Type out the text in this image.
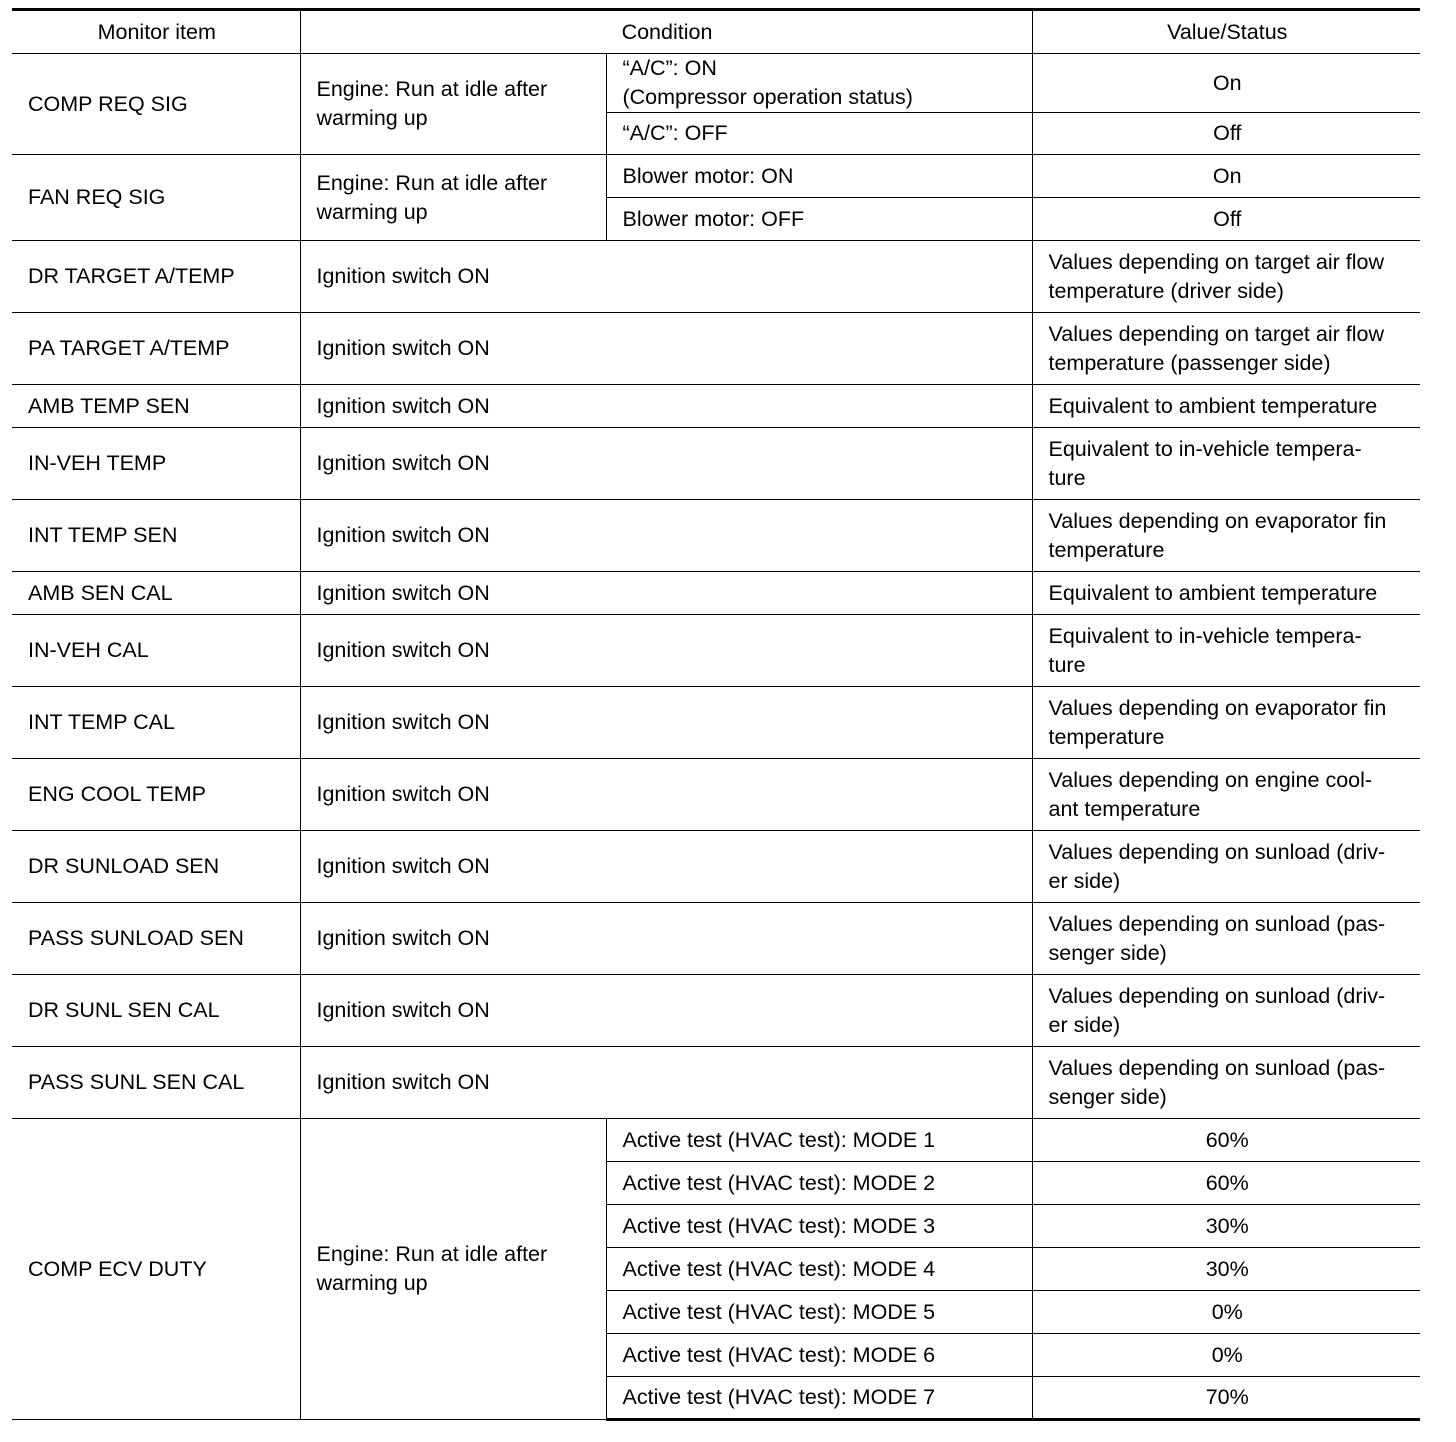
Monitor item	Condition		Value/Status
COMP REQ SIG	Engine: Run at idle after warming up	“A/C”: ON
(Compressor operation status)	On
		“A/C”: OFF	Off
FAN REQ SIG	Engine: Run at idle after warming up	Blower motor: ON	On
		Blower motor: OFF	Off
DR TARGET A/TEMP	Ignition switch ON		Values depending on target air flow temperature (driver side)
PA TARGET A/TEMP	Ignition switch ON		Values depending on target air flow temperature (passenger side)
AMB TEMP SEN	Ignition switch ON		Equivalent to ambient temperature
IN-VEH TEMP	Ignition switch ON		Equivalent to in-vehicle tempera-
ture
INT TEMP SEN	Ignition switch ON		Values depending on evaporator fin temperature
AMB SEN CAL	Ignition switch ON		Equivalent to ambient temperature
IN-VEH CAL	Ignition switch ON		Equivalent to in-vehicle tempera-
ture
INT TEMP CAL	Ignition switch ON		Values depending on evaporator fin temperature
ENG COOL TEMP	Ignition switch ON		Values depending on engine cool-
ant temperature
DR SUNLOAD SEN	Ignition switch ON		Values depending on sunload (driv-
er side)
PASS SUNLOAD SEN	Ignition switch ON		Values depending on sunload (pas-
senger side)
DR SUNL SEN CAL	Ignition switch ON		Values depending on sunload (driv-
er side)
PASS SUNL SEN CAL	Ignition switch ON		Values depending on sunload (pas-
senger side)
COMP ECV DUTY	Engine: Run at idle after warming up	Active test (HVAC test): MODE 1	60%
		Active test (HVAC test): MODE 2	60%
		Active test (HVAC test): MODE 3	30%
		Active test (HVAC test): MODE 4	30%
		Active test (HVAC test): MODE 5	0%
		Active test (HVAC test): MODE 6	0%
		Active test (HVAC test): MODE 7	70%
